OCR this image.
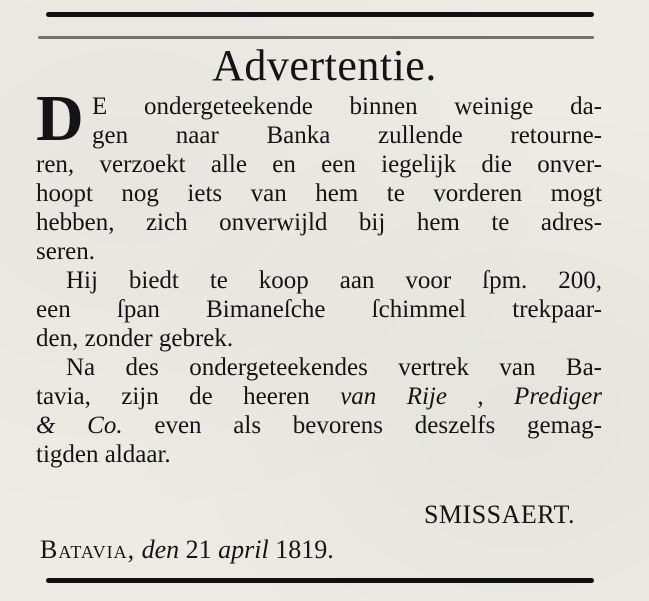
Advertentie.
D E ondergeteekende binnen weinige da-
gen naar Banka zullende retourne-
ren, verzoekt alle en een iegelijk die onver-
hoopt nog iets van hem te vorderen mogt
hebben, zich onverwijld bij hem te adres-
seren.
Hij biedt te koop aan voor ſpm. 200,
een ſpan Bimaneſche ſchimmel trekpaar-
den, zonder gebrek.
Na des ondergeteekendes vertrek van Ba-
tavia, zijn de heeren van Rije , Prediger
& Co. even als bevorens deszelfs gemag-
tigden aldaar.
SMISSAERT.
Batavia, den 21 april 1819.
